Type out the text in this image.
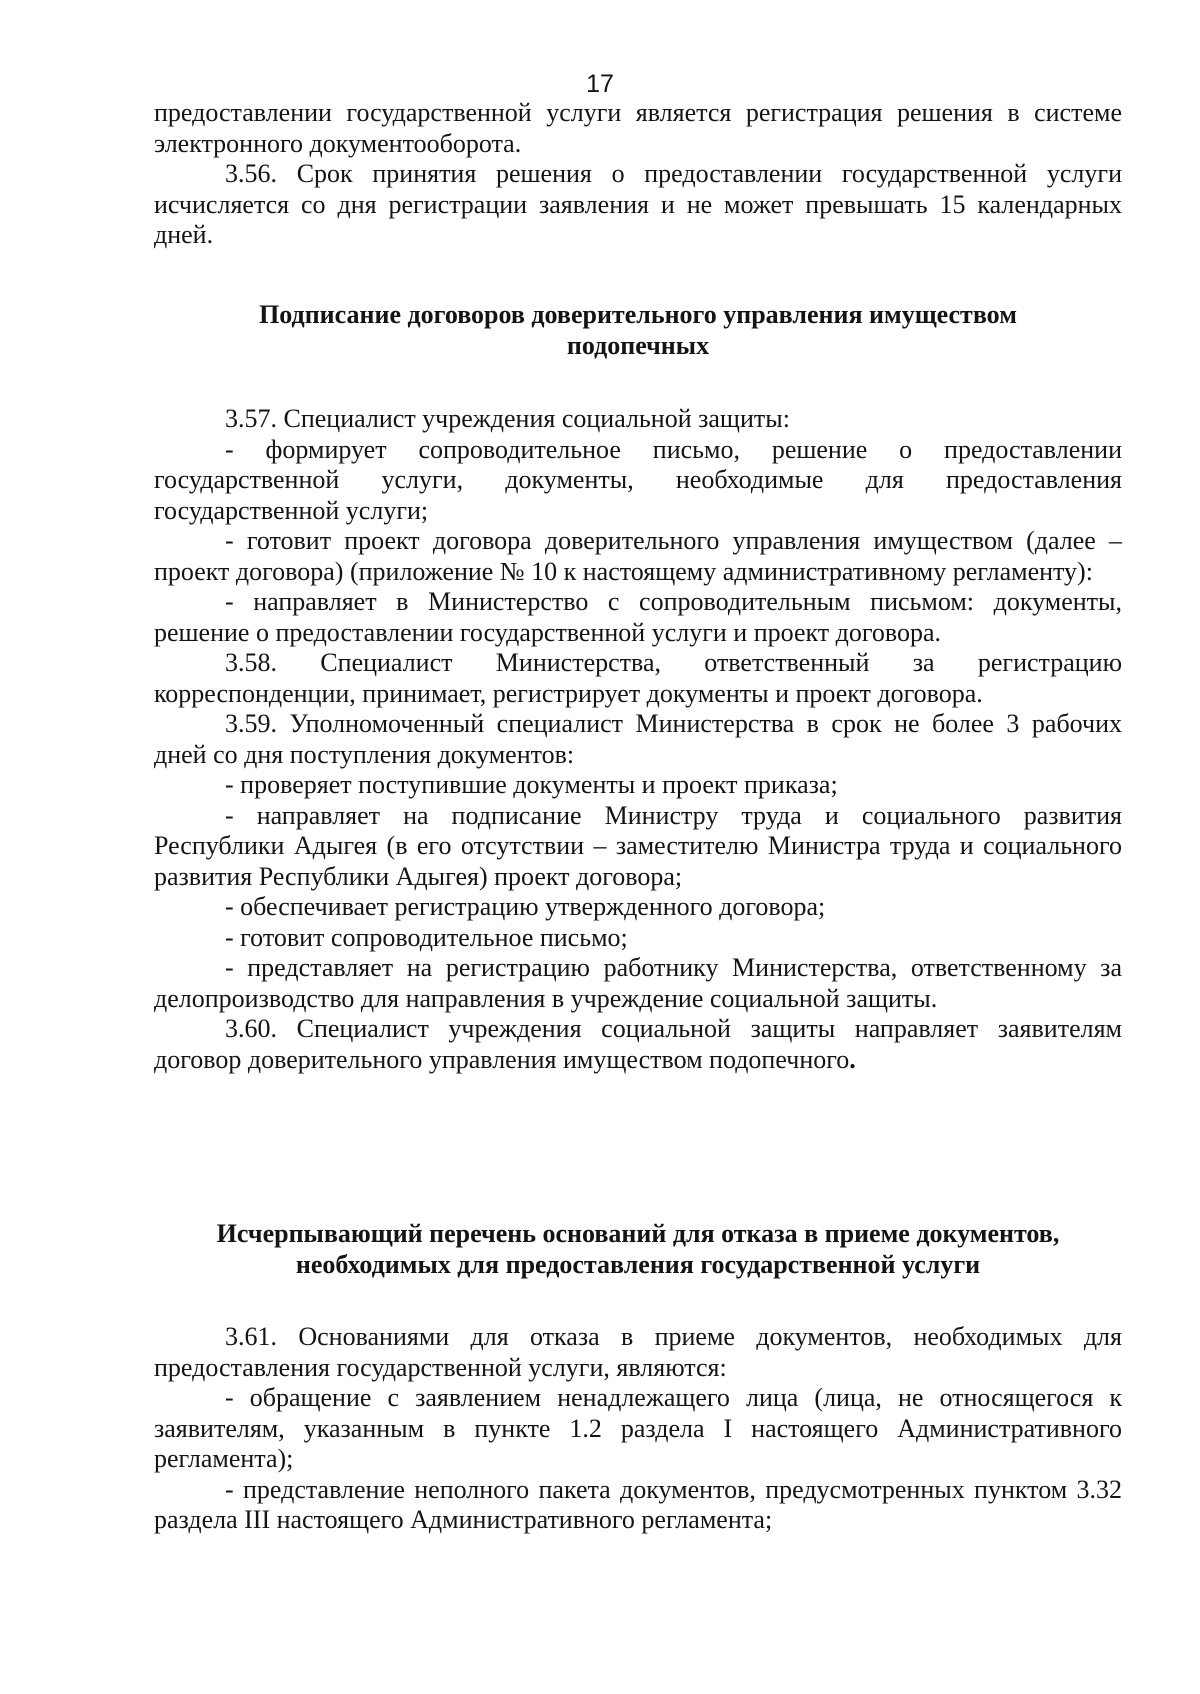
17

предоставлении государственной услуги является регистрация решения в системе электронного документооборота.

3.56. Срок принятия решения о предоставлении государственной услуги исчисляется со дня регистрации заявления и не может превышать 15 календарных дней.

Подписание договоров доверительного управления имуществом
подопечных

3.57. Специалист учреждения социальной защиты:

- формирует сопроводительное письмо, решение о предоставлении государственной услуги, документы, необходимые для предоставления государственной услуги;

- готовит проект договора доверительного управления имуществом (далее – проект договора) (приложение № 10 к настоящему административному регламенту):

- направляет в Министерство с сопроводительным письмом: документы, решение о предоставлении государственной услуги и проект договора.

3.58. Специалист Министерства, ответственный за регистрацию корреспонденции, принимает, регистрирует документы и проект договора.

3.59. Уполномоченный специалист Министерства в срок не более 3 рабочих дней со дня поступления документов:

- проверяет поступившие документы и проект приказа;

- направляет на подписание Министру труда и социального развития Республики Адыгея (в его отсутствии – заместителю Министра труда и социального развития Республики Адыгея) проект договора;

- обеспечивает регистрацию утвержденного договора;

- готовит сопроводительное письмо;

- представляет на регистрацию работнику Министерства, ответственному за делопроизводство для направления в учреждение социальной защиты.

3.60. Специалист учреждения социальной защиты направляет заявителям договор доверительного управления имуществом подопечного.

Исчерпывающий перечень оснований для отказа в приеме документов,
необходимых для предоставления государственной услуги

3.61. Основаниями для отказа в приеме документов, необходимых для предоставления государственной услуги, являются:

- обращение с заявлением ненадлежащего лица (лица, не относящегося к заявителям, указанным в пункте 1.2 раздела I настоящего Административного регламента);

- представление неполного пакета документов, предусмотренных пунктом 3.32 раздела III настоящего Административного регламента;
